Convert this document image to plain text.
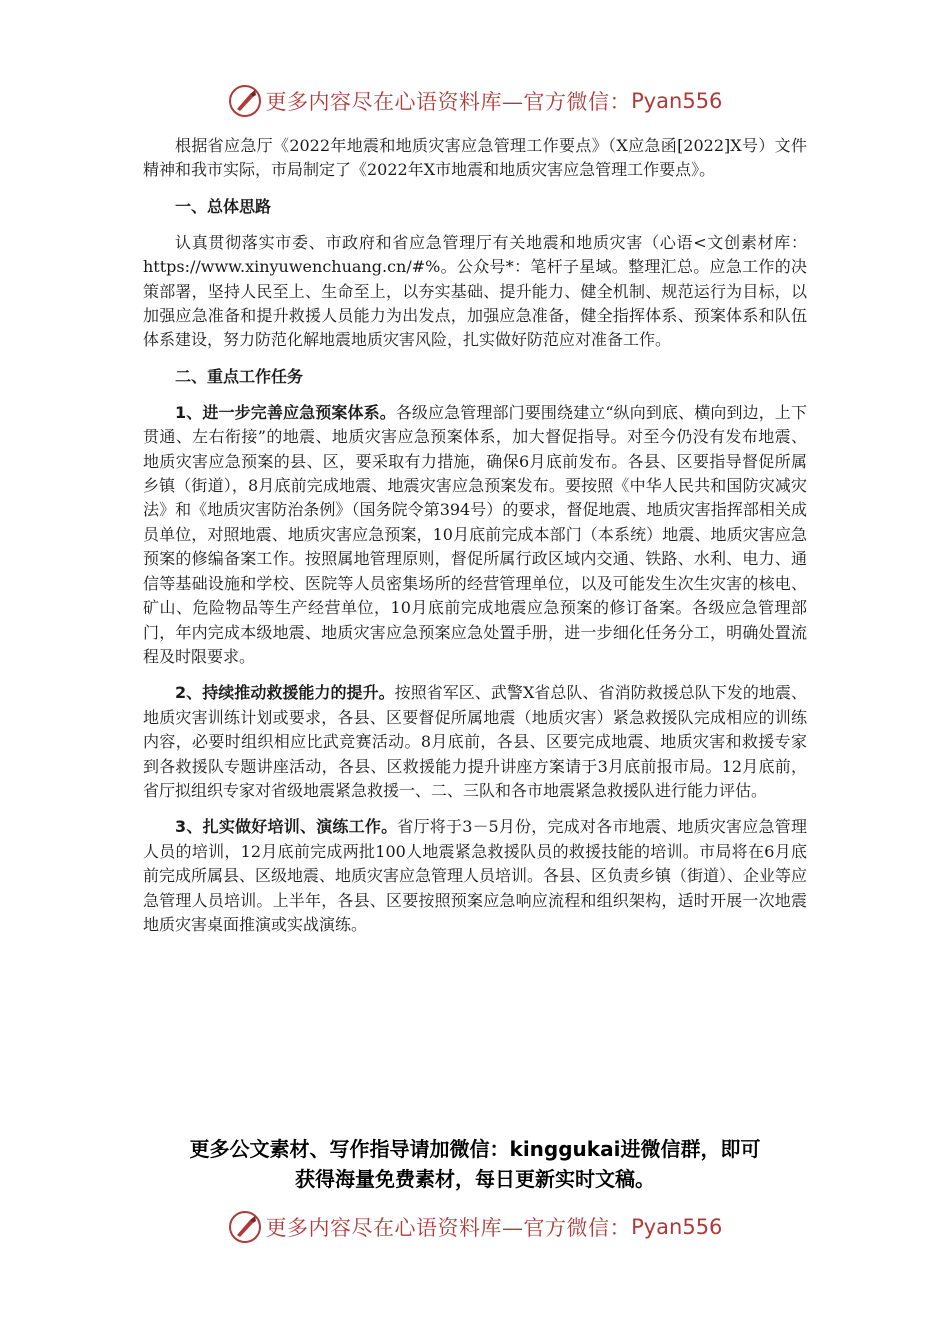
更多内容尽在心语资料库—官方微信： Pyan556

根据省应急厅《2022年地震和地质灾害应急管理工作要点》（X应急函[2022]X号）文件精神和我市实际，市局制定了《2022年X市地震和地质灾害应急管理工作要点》。

一、总体思路

认真贯彻落实市委、市政府和省应急管理厅有关地震和地质灾害（心语<文创素材库：https://www.xinyuwenchuang.cn/#%。公众号*：笔杆子星域。整理汇总。应急工作的决策部署，坚持人民至上、生命至上，以夯实基础、提升能力、健全机制、规范运行为目标，以加强应急准备和提升救援人员能力为出发点，加强应急准备，健全指挥体系、预案体系和队伍体系建设，努力防范化解地震地质灾害风险，扎实做好防范应对准备工作。

二、重点工作任务

1、进一步完善应急预案体系。各级应急管理部门要围绕建立“纵向到底、横向到边，上下贯通、左右衔接”的地震、地质灾害应急预案体系，加大督促指导。对至今仍没有发布地震、地质灾害应急预案的县、区，要采取有力措施，确保6月底前发布。各县、区要指导督促所属乡镇（街道），8月底前完成地震、地震灾害应急预案发布。要按照《中华人民共和国防灾减灾法》和《地质灾害防治条例》（国务院令第394号）的要求，督促地震、地质灾害指挥部相关成员单位，对照地震、地质灾害应急预案，10月底前完成本部门（本系统）地震、地质灾害应急预案的修编备案工作。按照属地管理原则，督促所属行政区域内交通、铁路、水利、电力、通信等基础设施和学校、医院等人员密集场所的经营管理单位，以及可能发生次生灾害的核电、矿山、危险物品等生产经营单位，10月底前完成地震应急预案的修订备案。各级应急管理部门，年内完成本级地震、地质灾害应急预案应急处置手册，进一步细化任务分工，明确处置流程及时限要求。

2、持续推动救援能力的提升。按照省军区、武警X省总队、省消防救援总队下发的地震、地质灾害训练计划或要求，各县、区要督促所属地震（地质灾害）紧急救援队完成相应的训练内容，必要时组织相应比武竞赛活动。8月底前，各县、区要完成地震、地质灾害和救援专家到各救援队专题讲座活动，各县、区救援能力提升讲座方案请于3月底前报市局。12月底前，省厅拟组织专家对省级地震紧急救援一、二、三队和各市地震紧急救援队进行能力评估。

3、扎实做好培训、演练工作。省厅将于3－5月份，完成对各市地震、地质灾害应急管理人员的培训，12月底前完成两批100人地震紧急救援队员的救援技能的培训。市局将在6月底前完成所属县、区级地震、地质灾害应急管理人员培训。各县、区负责乡镇（街道）、企业等应急管理人员培训。上半年，各县、区要按照预案应急响应流程和组织架构，适时开展一次地震地质灾害桌面推演或实战演练。

更多公文素材、写作指导请加微信：kinggukai进微信群，即可
获得海量免费素材，每日更新实时文稿。
更多内容尽在心语资料库—官方微信： Pyan556
